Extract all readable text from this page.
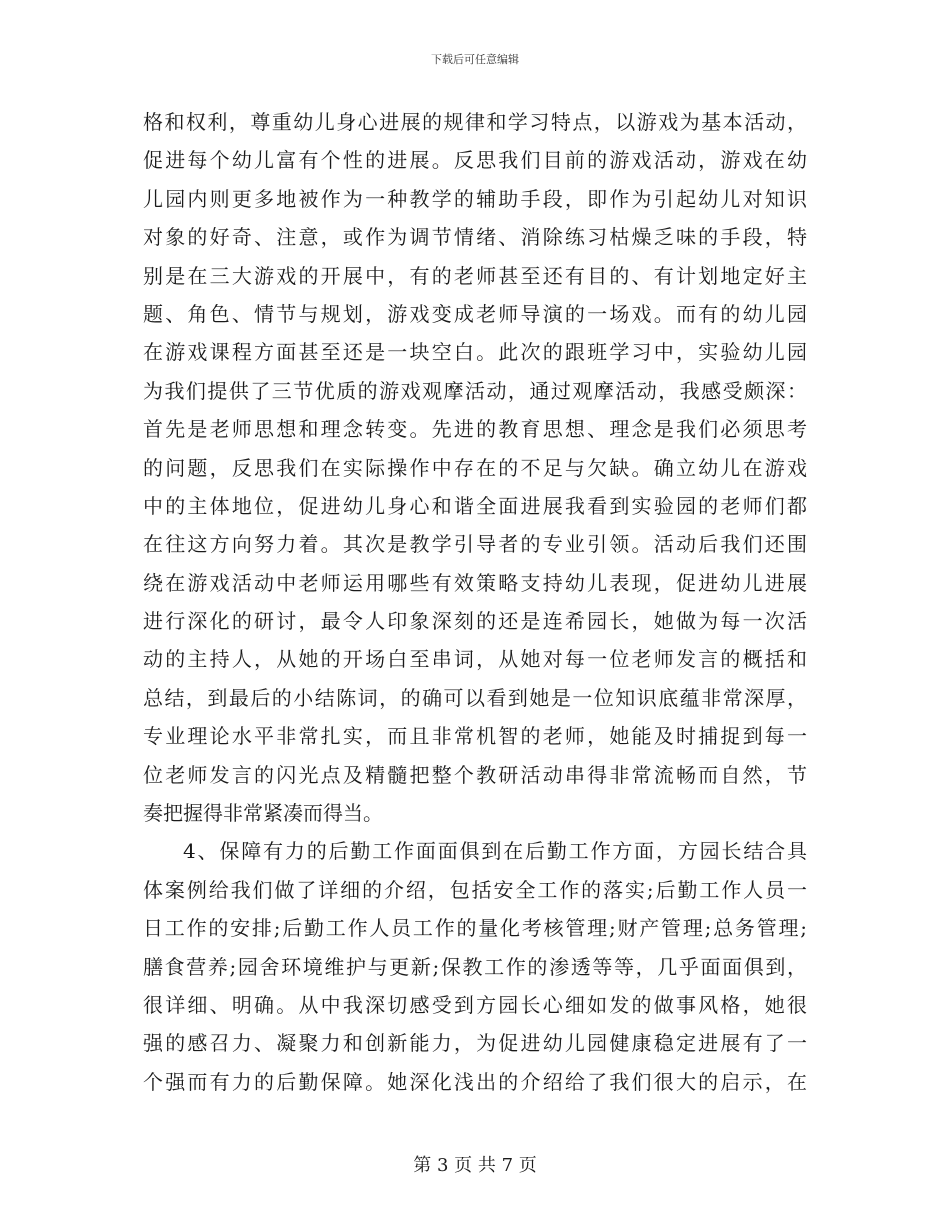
下载后可任意编辑
格和权利，尊重幼儿身心进展的规律和学习特点，以游戏为基本活动，
促进每个幼儿富有个性的进展。反思我们目前的游戏活动，游戏在幼
儿园内则更多地被作为一种教学的辅助手段，即作为引起幼儿对知识
对象的好奇、注意，或作为调节情绪、消除练习枯燥乏味的手段，特
别是在三大游戏的开展中，有的老师甚至还有目的、有计划地定好主
题、角色、情节与规划，游戏变成老师导演的一场戏。而有的幼儿园
在游戏课程方面甚至还是一块空白。此次的跟班学习中，实验幼儿园
为我们提供了三节优质的游戏观摩活动，通过观摩活动，我感受颇深：
首先是老师思想和理念转变。先进的教育思想、理念是我们必须思考
的问题，反思我们在实际操作中存在的不足与欠缺。确立幼儿在游戏
中的主体地位，促进幼儿身心和谐全面进展我看到实验园的老师们都
在往这方向努力着。其次是教学引导者的专业引领。活动后我们还围
绕在游戏活动中老师运用哪些有效策略支持幼儿表现，促进幼儿进展
进行深化的研讨，最令人印象深刻的还是连希园长，她做为每一次活
动的主持人，从她的开场白至串词，从她对每一位老师发言的概括和
总结，到最后的小结陈词，的确可以看到她是一位知识底蕴非常深厚，
专业理论水平非常扎实，而且非常机智的老师，她能及时捕捉到每一
位老师发言的闪光点及精髓把整个教研活动串得非常流畅而自然，节
奏把握得非常紧凑而得当。
4、保障有力的后勤工作面面俱到在后勤工作方面，方园长结合具
体案例给我们做了详细的介绍，包括安全工作的落实;后勤工作人员一
日工作的安排;后勤工作人员工作的量化考核管理;财产管理;总务管理;
膳食营养;园舍环境维护与更新;保教工作的渗透等等，几乎面面俱到，
很详细、明确。从中我深切感受到方园长心细如发的做事风格，她很
强的感召力、凝聚力和创新能力，为促进幼儿园健康稳定进展有了一
个强而有力的后勤保障。她深化浅出的介绍给了我们很大的启示，在
第 3 页 共 7 页
